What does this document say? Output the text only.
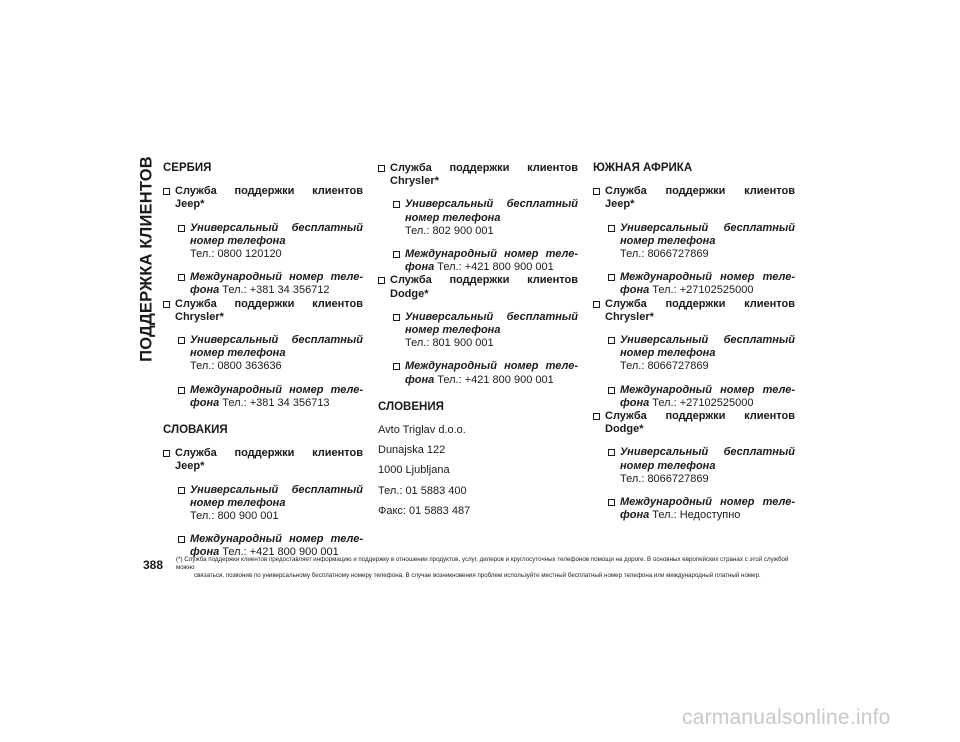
ПОДДЕРЖКА КЛИЕНТОВ СЕРБИЯ
Служба поддержки клиентов Jeep*
Универсальный бесплатный номер телефона
Тел.: 0800 120120
Международный номер теле-фона Тел.: +381 34 356712
Служба поддержки клиентов Chrysler*
Универсальный бесплатный номер телефона
Тел.: 0800 363636
Международный номер теле-фона Тел.: +381 34 356713
СЛОВАКИЯ
Служба поддержки клиентов Jeep*
Универсальный бесплатный номер телефона
Тел.: 800 900 001
Международный номер теле-фона Тел.: +421 800 900 001
Служба поддержки клиентов Chrysler*
Универсальный бесплатный номер телефона
Тел.: 802 900 001
Международный номер теле-фона Тел.: +421 800 900 001
Служба поддержки клиентов Dodge*
Универсальный бесплатный номер телефона
Тел.: 801 900 001
Международный номер теле-фона Тел.: +421 800 900 001
СЛОВЕНИЯ
Avto Triglav d.o.o.
Dunajska 122
1000 Ljubljana
Тел.: 01 5883 400
Факс: 01 5883 487
ЮЖНАЯ АФРИКА
Служба поддержки клиентов Jeep*
Универсальный бесплатный номер телефона
Тел.: 8066727869
Международный номер теле-фона Тел.: +27102525000
Служба поддержки клиентов Chrysler*
Универсальный бесплатный номер телефона
Тел.: 8066727869
Международный номер теле-фона Тел.: +27102525000
Служба поддержки клиентов Dodge*
Универсальный бесплатный номер телефона
Тел.: 8066727869
Международный номер теле-фона Тел.: Недоступно
388 (*) Служба поддержки клиентов предоставляет информацию и поддержку в отношении продуктов, услуг, дилеров и круглосуточных телефонов помощи на дороге. В основных европейских странах с этой службой можно
связаться, позвонив по универсальному бесплатному номеру телефона. В случае возникновения проблем используйте местный бесплатный номер телефона или международный платный номер.
carmanualsonline.info
